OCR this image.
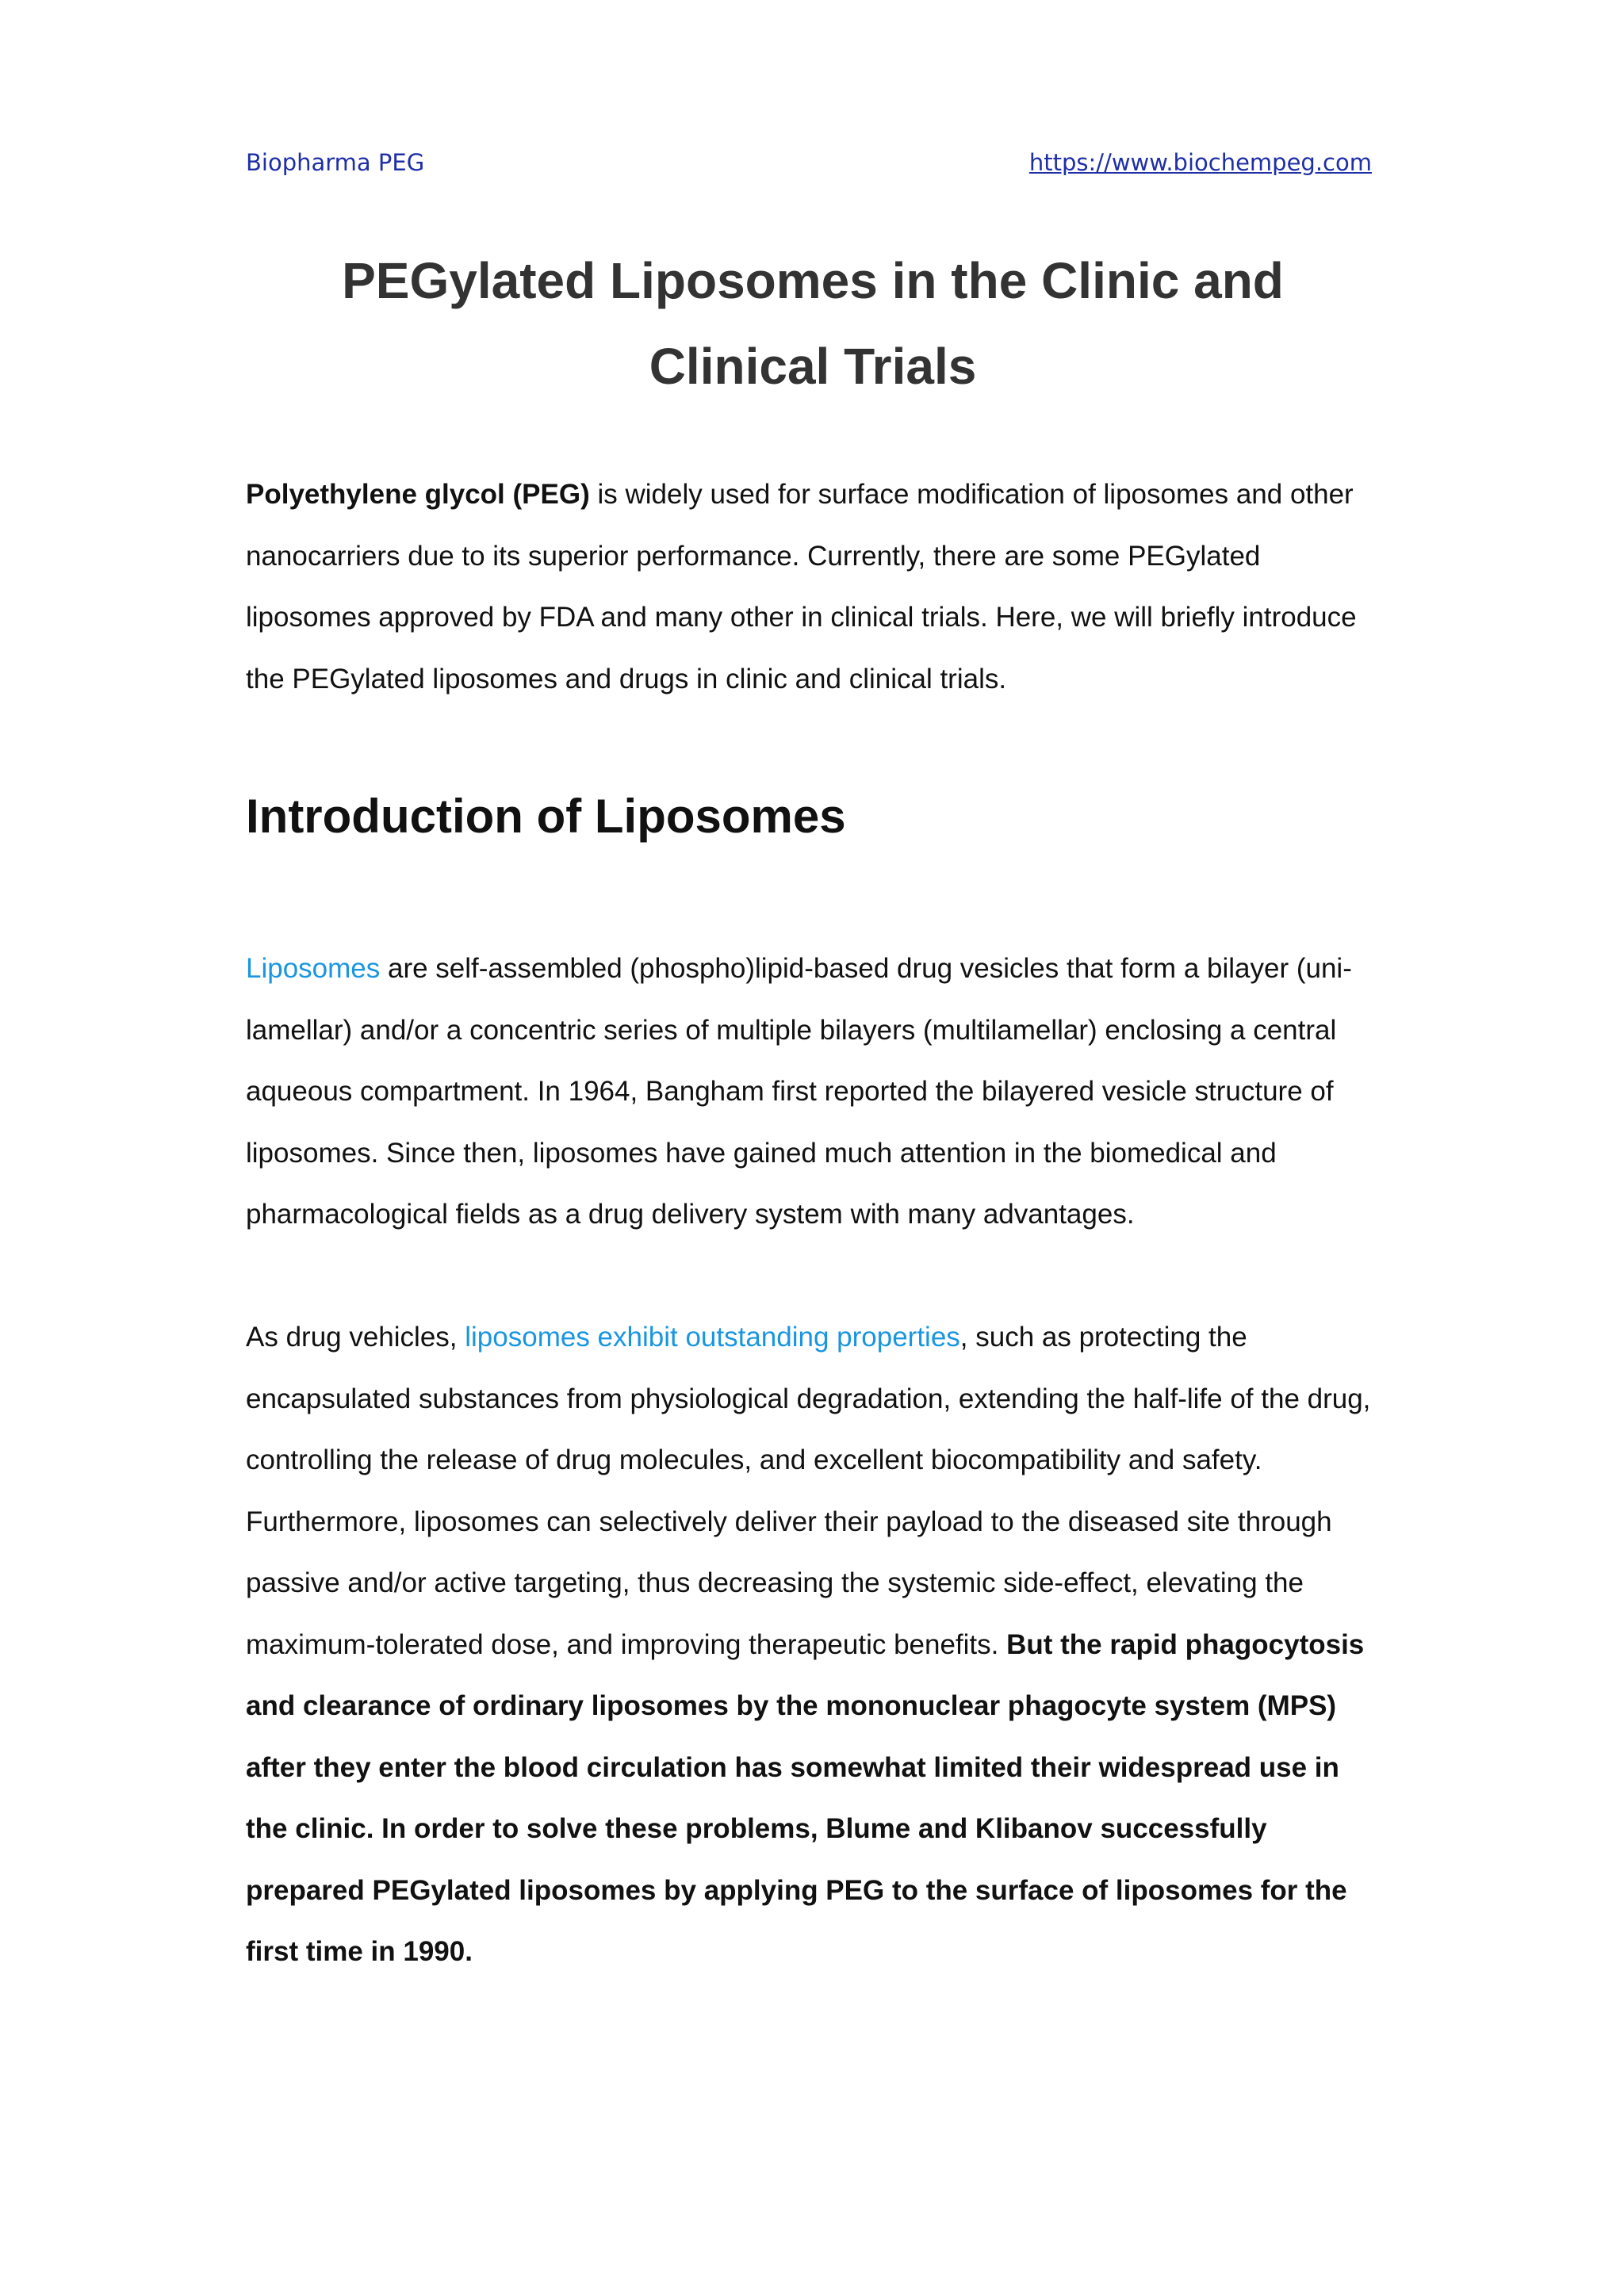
Biopharma PEG	https://www.biochempeg.com
PEGylated Liposomes in the Clinic and Clinical Trials

Polyethylene glycol (PEG) is widely used for surface modification of liposomes and other nanocarriers due to its superior performance. Currently, there are some PEGylated liposomes approved by FDA and many other in clinical trials. Here, we will briefly introduce the PEGylated liposomes and drugs in clinic and clinical trials.

Introduction of Liposomes

Liposomes are self-assembled (phospho)lipid-based drug vesicles that form a bilayer (uni-lamellar) and/or a concentric series of multiple bilayers (multilamellar) enclosing a central aqueous compartment. In 1964, Bangham first reported the bilayered vesicle structure of liposomes. Since then, liposomes have gained much attention in the biomedical and pharmacological fields as a drug delivery system with many advantages.

As drug vehicles, liposomes exhibit outstanding properties, such as protecting the encapsulated substances from physiological degradation, extending the half-life of the drug, controlling the release of drug molecules, and excellent biocompatibility and safety. Furthermore, liposomes can selectively deliver their payload to the diseased site through passive and/or active targeting, thus decreasing the systemic side-effect, elevating the maximum-tolerated dose, and improving therapeutic benefits. But the rapid phagocytosis and clearance of ordinary liposomes by the mononuclear phagocyte system (MPS) after they enter the blood circulation has somewhat limited their widespread use in the clinic. In order to solve these problems, Blume and Klibanov successfully prepared PEGylated liposomes by applying PEG to the surface of liposomes for the first time in 1990.
